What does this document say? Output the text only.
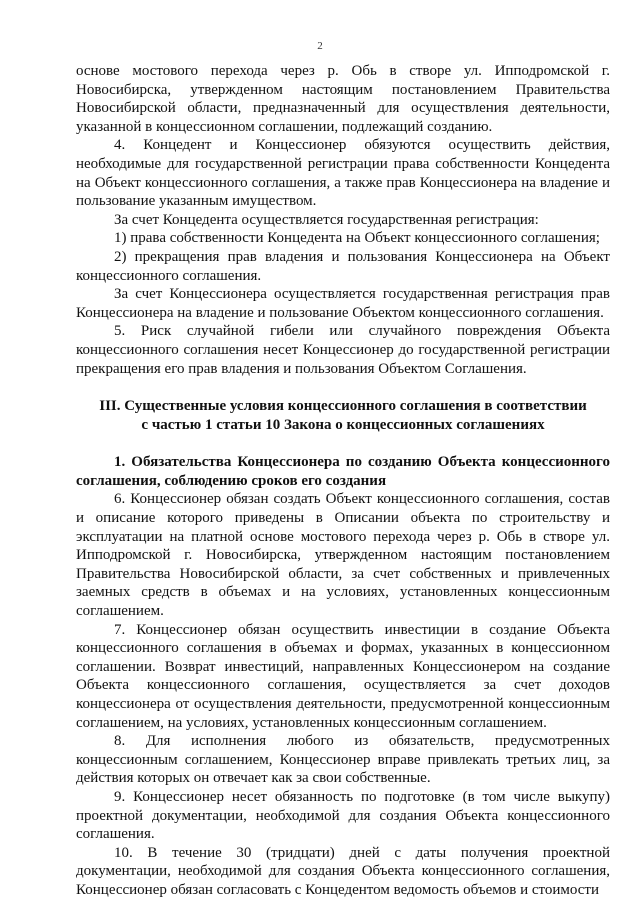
2

основе мостового перехода через р. Обь в створе ул. Ипподромской г. Новосибирска, утвержденном настоящим постановлением Правительства Новосибирской области, предназначенный для осуществления деятельности, указанной в концессионном соглашении, подлежащий созданию.

4. Концедент и Концессионер обязуются осуществить действия, необходимые для государственной регистрации права собственности Концедента на Объект концессионного соглашения, а также прав Концессионера на владение и пользование указанным имуществом.

За счет Концедента осуществляется государственная регистрация:

1) права собственности Концедента на Объект концессионного соглашения;

2) прекращения прав владения и пользования Концессионера на Объект концессионного соглашения.

За счет Концессионера осуществляется государственная регистрация прав Концессионера на владение и пользование Объектом концессионного соглашения.

5. Риск случайной гибели или случайного повреждения Объекта концессионного соглашения несет Концессионер до государственной регистрации прекращения его прав владения и пользования Объектом Соглашения.

III. Существенные условия концессионного соглашения в соответствии
с частью 1 статьи 10 Закона о концессионных соглашениях

1. Обязательства Концессионера по созданию Объекта концессионного соглашения, соблюдению сроков его создания

6. Концессионер обязан создать Объект концессионного соглашения, состав и описание которого приведены в Описании объекта по строительству и эксплуатации на платной основе мостового перехода через р. Обь в створе ул. Ипподромской г. Новосибирска, утвержденном настоящим постановлением Правительства Новосибирской области, за счет собственных и привлеченных заемных средств в объемах и на условиях, установленных концессионным соглашением.

7. Концессионер обязан осуществить инвестиции в создание Объекта концессионного соглашения в объемах и формах, указанных в концессионном соглашении. Возврат инвестиций, направленных Концессионером на создание Объекта концессионного соглашения, осуществляется за счет доходов концессионера от осуществления деятельности, предусмотренной концессионным соглашением, на условиях, установленных концессионным соглашением.

8. Для исполнения любого из обязательств, предусмотренных концессионным соглашением, Концессионер вправе привлекать третьих лиц, за действия которых он отвечает как за свои собственные.

9. Концессионер несет обязанность по подготовке (в том числе выкупу) проектной документации, необходимой для создания Объекта концессионного соглашения.

10. В течение 30 (тридцати) дней с даты получения проектной документации, необходимой для создания Объекта концессионного соглашения, Концессионер обязан согласовать с Концедентом ведомость объемов и стоимости
